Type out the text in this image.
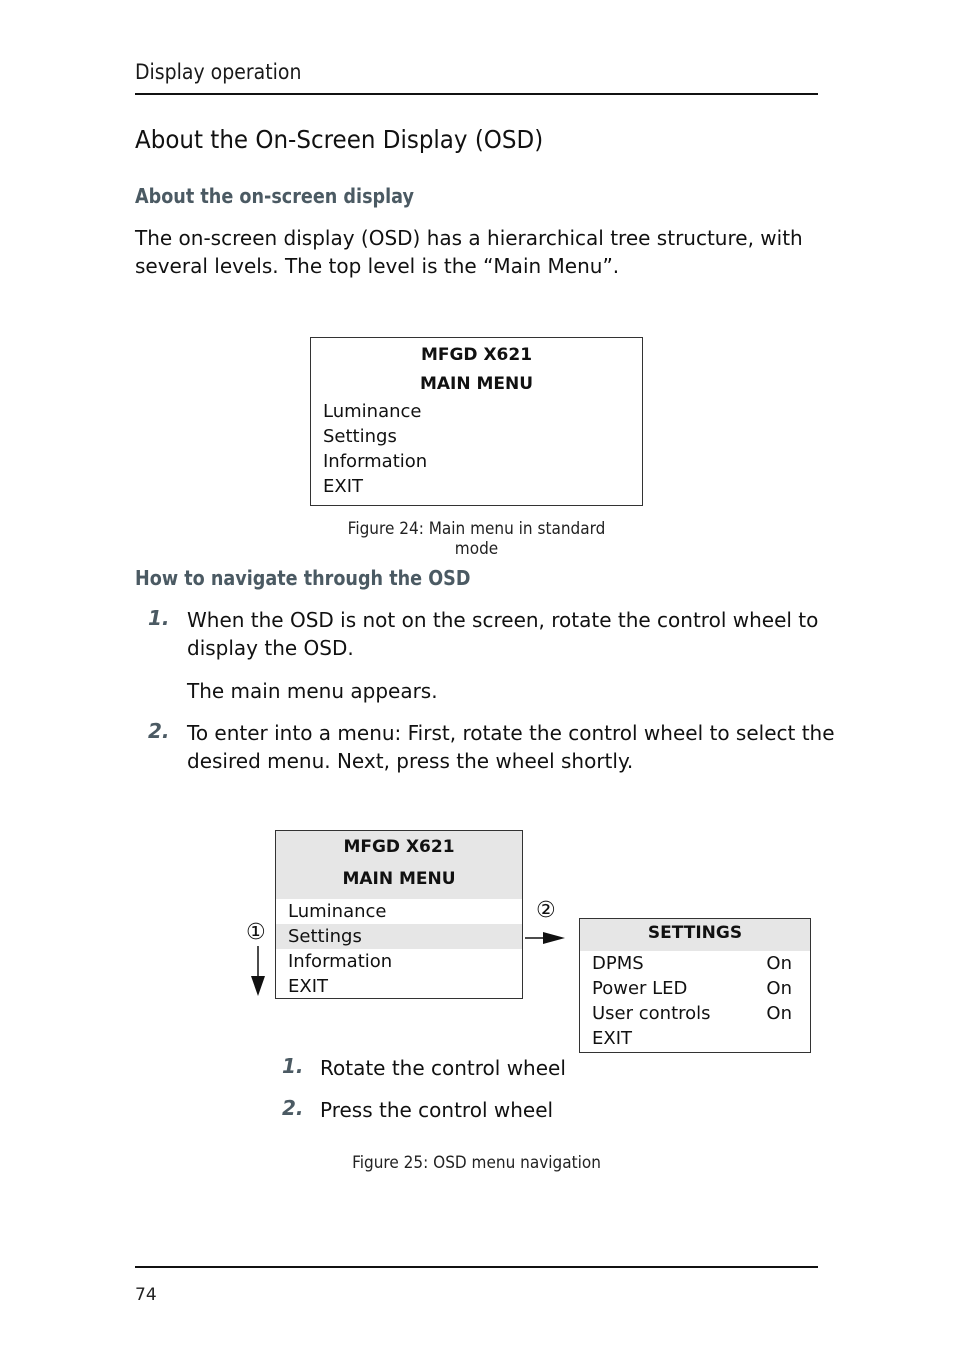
Display operation
About the On-Screen Display (OSD)
About the on-screen display
The on-screen display (OSD) has a hierarchical tree structure, with
several levels. The top level is the “Main Menu”.
MFGD X621
MAIN MENU
Luminance
Settings
Information
EXIT
Figure 24: Main menu in standard mode
How to navigate through the OSD
1. When the OSD is not on the screen, rotate the control wheel to
display the OSD.
The main menu appears.
2. To enter into a menu: First, rotate the control wheel to select the
desired menu. Next, press the wheel shortly.
MFGD X621
MAIN MENU
Luminance
Settings
Information
EXIT
①
②
SETTINGS
DPMS	On
Power LED	On
User controls	On
EXIT
1. Rotate the control wheel
2. Press the control wheel
Figure 25: OSD menu navigation
74
